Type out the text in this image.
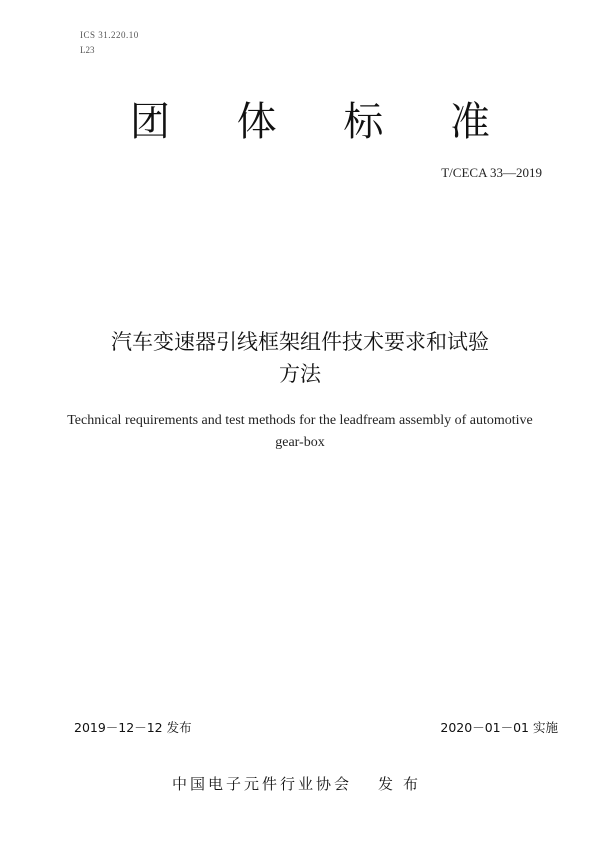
ICS 31.220.10
L23
团 体 标 准
T/CECA 33—2019
汽车变速器引线框架组件技术要求和试验
方法
Technical requirements and test methods for the leadfream assembly of automotive
gear-box
2019－12－12 发布	2020－01－01 实施
中国电子元件行业协会 发布
